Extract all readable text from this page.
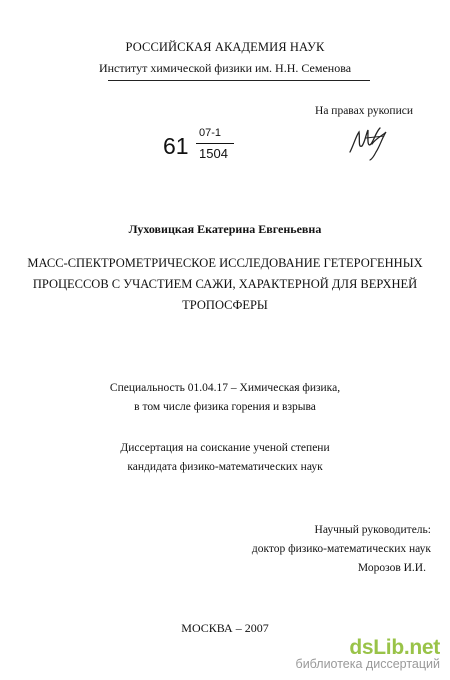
РОССИЙСКАЯ АКАДЕМИЯ НАУК
Институт химической физики им. Н.Н. Семенова
На правах рукописи
61 07-1
1504
Луховицкая Екатерина Евгеньевна
МАСС-СПЕКТРОМЕТРИЧЕСКОЕ ИССЛЕДОВАНИЕ ГЕТЕРОГЕННЫХ
ПРОЦЕССОВ С УЧАСТИЕМ САЖИ, ХАРАКТЕРНОЙ ДЛЯ ВЕРХНЕЙ
ТРОПОСФЕРЫ
Специальность 01.04.17 – Химическая физика,
в том числе физика горения и взрыва
Диссертация на соискание ученой степени
кандидата физико-математических наук
Научный руководитель:
доктор физико-математических наук
Морозов И.И.
МОСКВА – 2007
dsLib.net
библиотека диссертаций
